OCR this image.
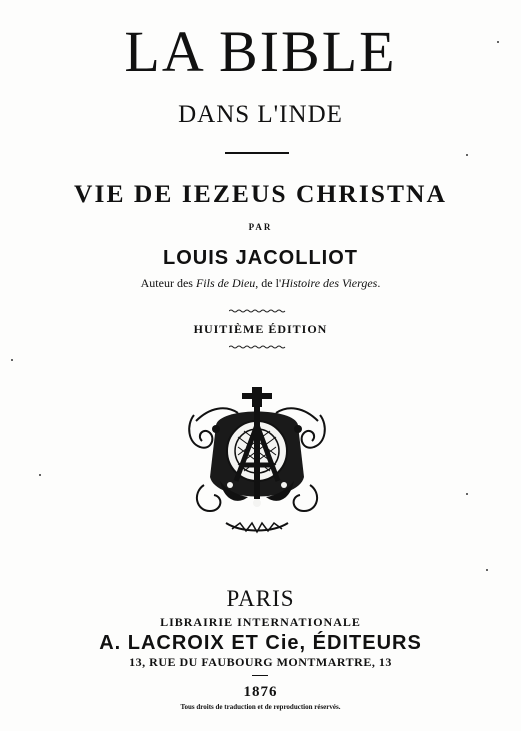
LA BIBLE
DANS L'INDE
VIE DE IEZEUS CHRISTNA
PAR
LOUIS JACOLLIOT
Auteur des Fils de Dieu, de l'Histoire des Vierges.
HUITIÈME ÉDITION
PARIS
LIBRAIRIE INTERNATIONALE
A. LACROIX ET Cie, ÉDITEURS
13, RUE DU FAUBOURG MONTMARTRE, 13
1876
Tous droits de traduction et de reproduction réservés.
